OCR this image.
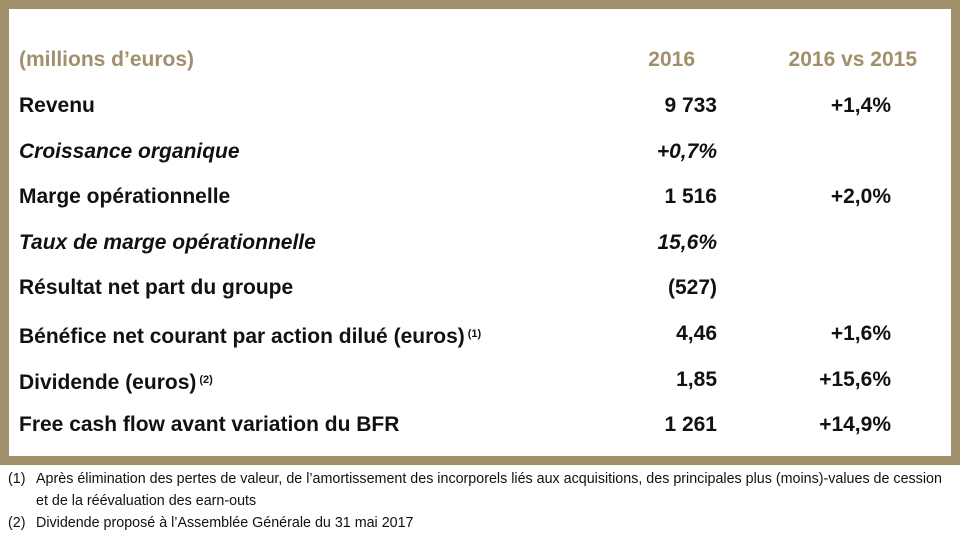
(millions d’euros)	2016	2016 vs 2015
Revenu	9 733	+1,4%
Croissance organique	+0,7%
Marge opérationnelle	1 516	+2,0%
Taux de marge opérationnelle	15,6%
Résultat net part du groupe	(527)
Bénéfice net courant par action dilué (euros) $^{(1)}$	4,46	+1,6%
Dividende (euros) $^{(2)}$	1,85	+15,6%
Free cash flow avant variation du BFR	1 261	+14,9%
(1) Après élimination des pertes de valeur, de l’amortissement des incorporels liés aux acquisitions, des principales plus (moins)-values de cession et de la réévaluation des earn-outs
(2) Dividende proposé à l’Assemblée Générale du 31 mai 2017
